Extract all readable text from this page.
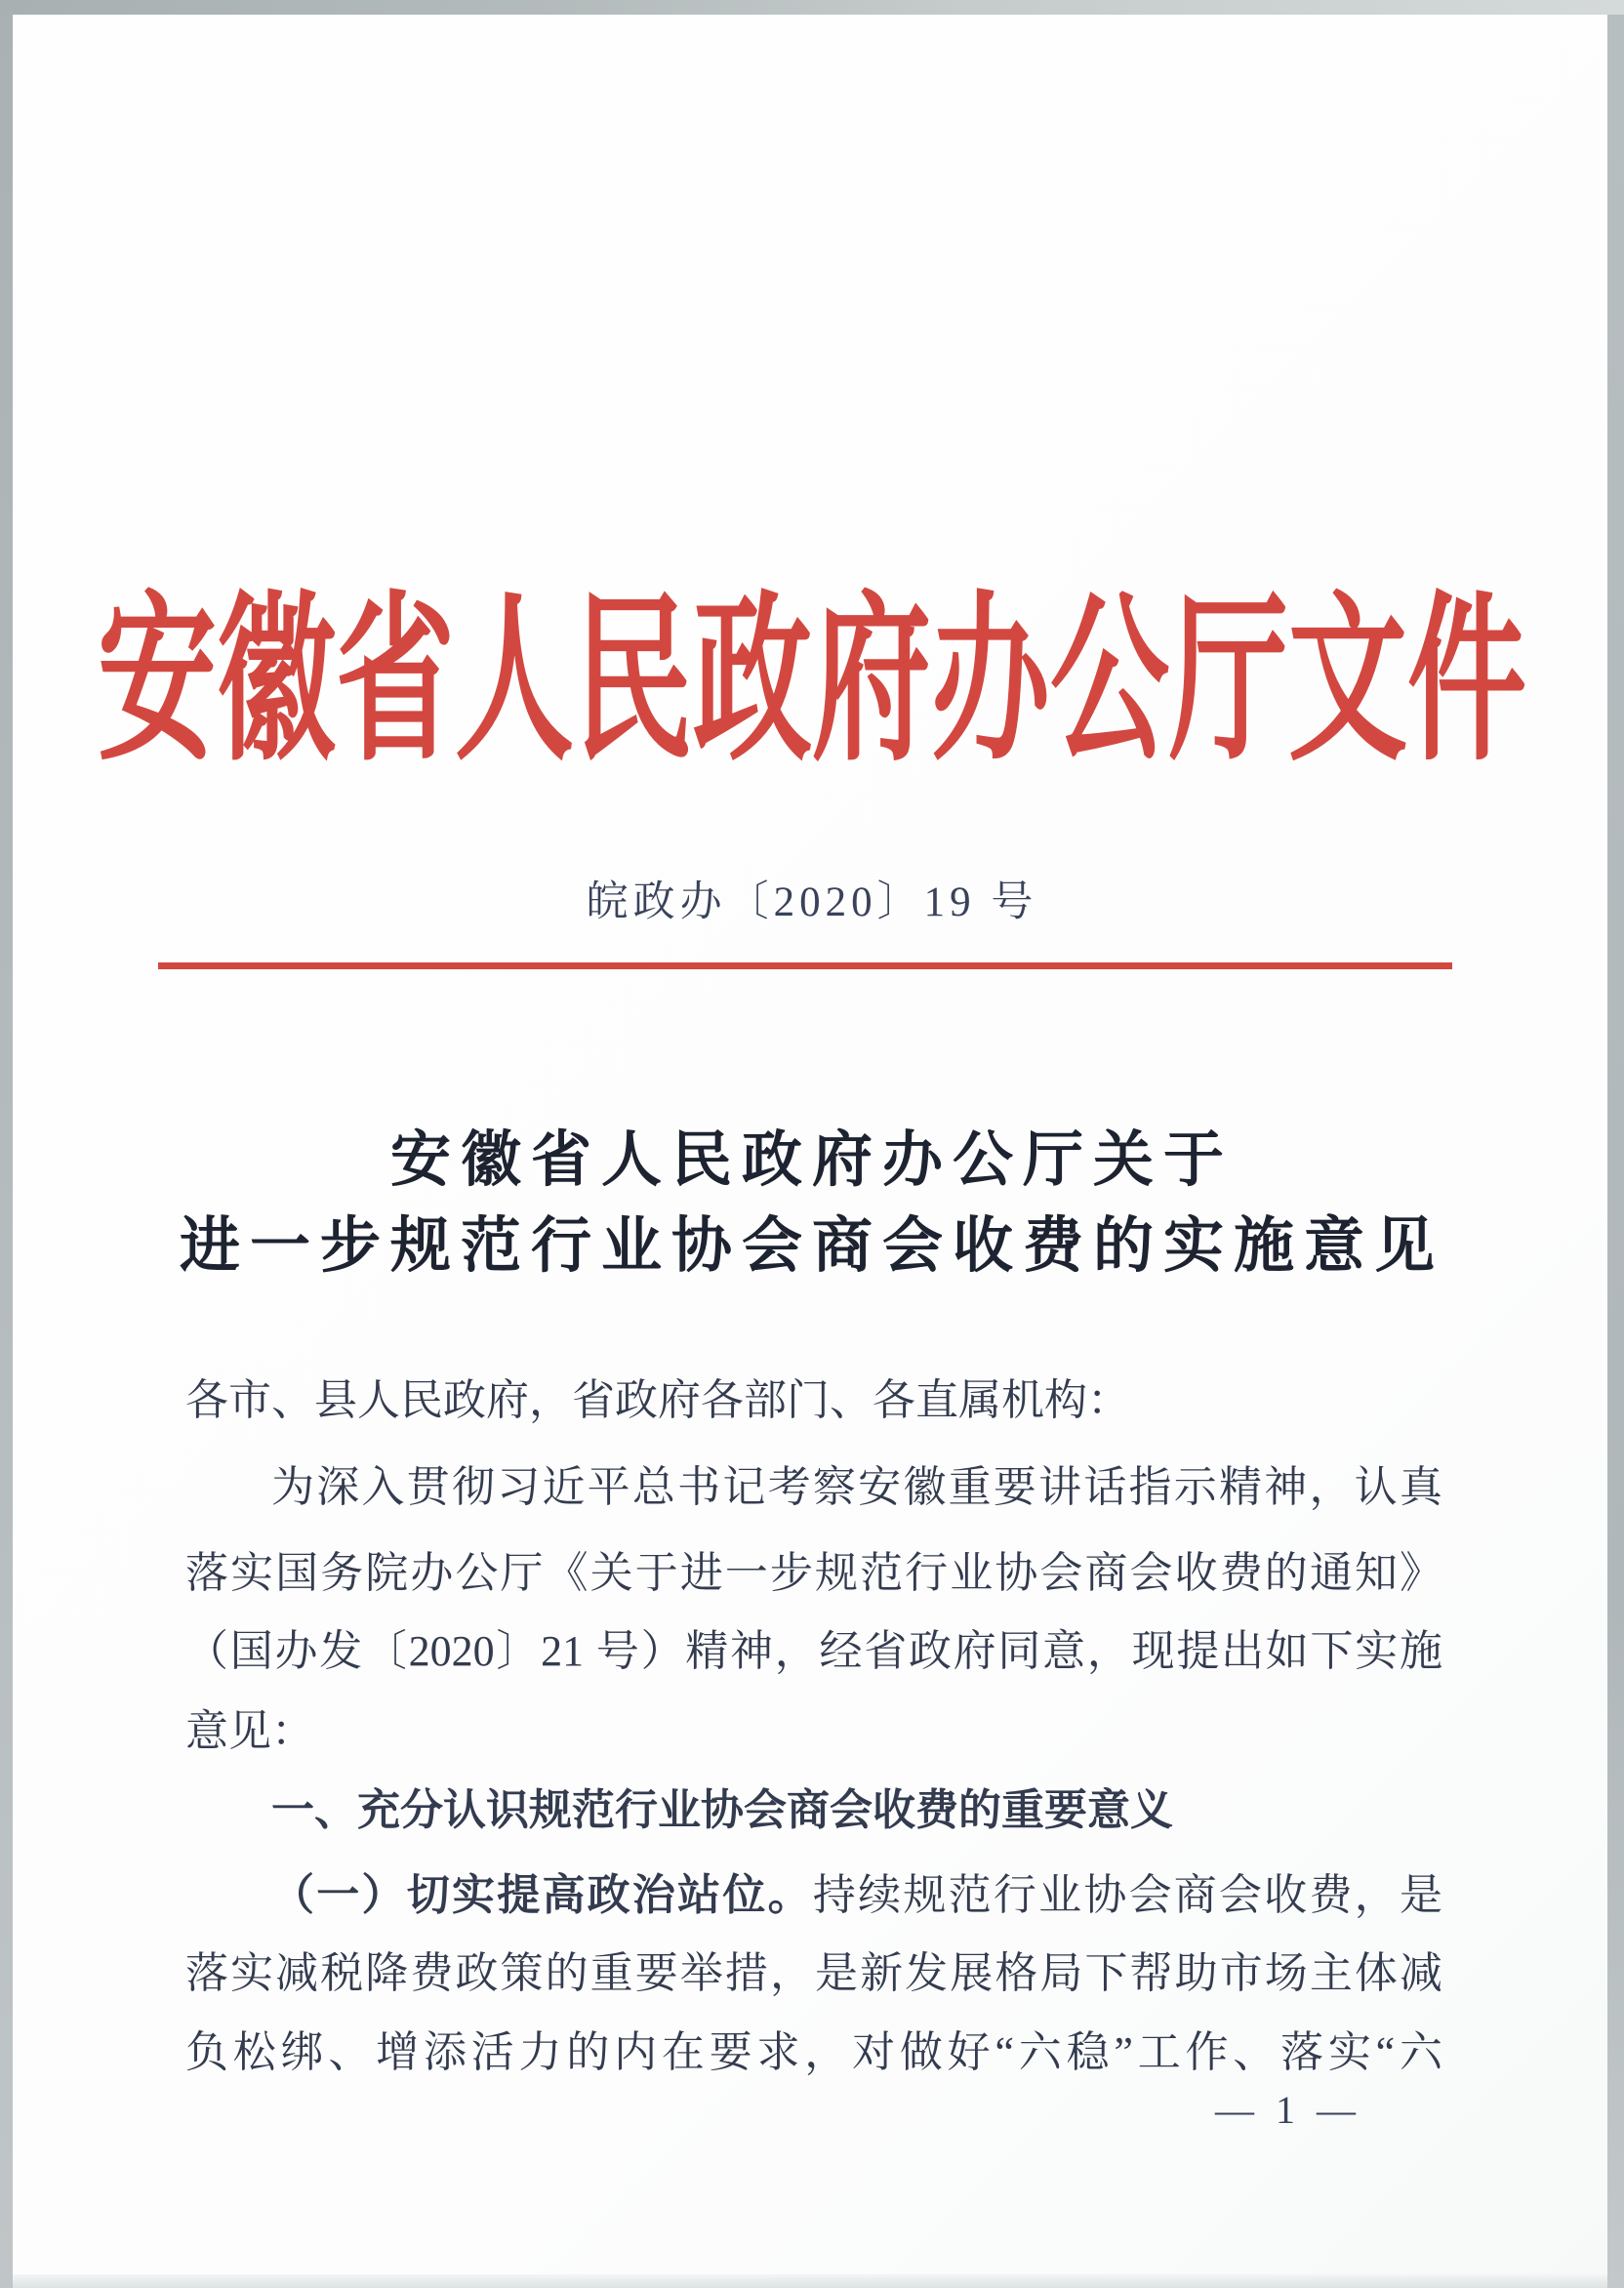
安徽省人民政府办公厅文件
皖政办〔2020〕19 号
安徽省人民政府办公厅关于
进一步规范行业协会商会收费的实施意见
各市、县人民政府，省政府各部门、各直属机构：
为深入贯彻习近平总书记考察安徽重要讲话指示精神，认真
落实国务院办公厅《关于进一步规范行业协会商会收费的通知》
（国办发〔2020〕21 号）精神，经省政府同意，现提出如下实施
意见：
一、充分认识规范行业协会商会收费的重要意义
（一）切实提高政治站位。持续规范行业协会商会收费，是
落实减税降费政策的重要举措，是新发展格局下帮助市场主体减
负松绑、增添活力的内在要求，对做好“六稳”工作、落实“六
— 1 —
